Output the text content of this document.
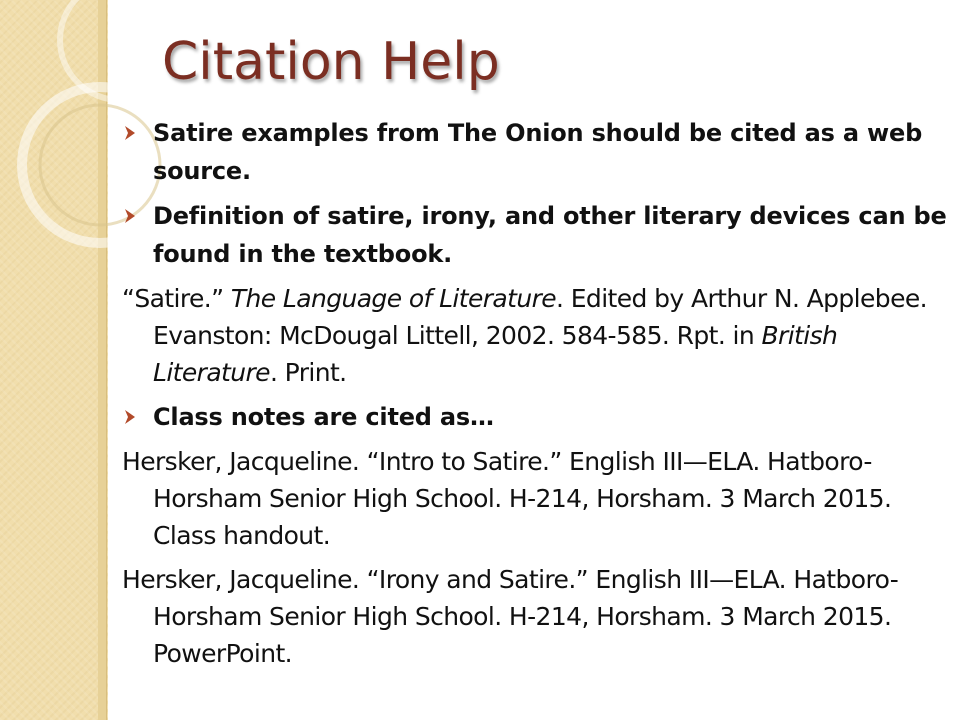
Citation Help
Satire examples from The Onion should be cited as a web source.
Definition of satire, irony, and other literary devices can be found in the textbook.
“Satire.” The Language of Literature. Edited by Arthur N. Applebee. Evanston: McDougal Littell, 2002. 584-585. Rpt. in British Literature. Print.
Class notes are cited as…
Hersker, Jacqueline. “Intro to Satire.” English III—ELA. Hatboro-Horsham Senior High School. H-214, Horsham. 3 March 2015. Class handout.
Hersker, Jacqueline. “Irony and Satire.” English III—ELA. Hatboro-Horsham Senior High School. H-214, Horsham. 3 March 2015. PowerPoint.
